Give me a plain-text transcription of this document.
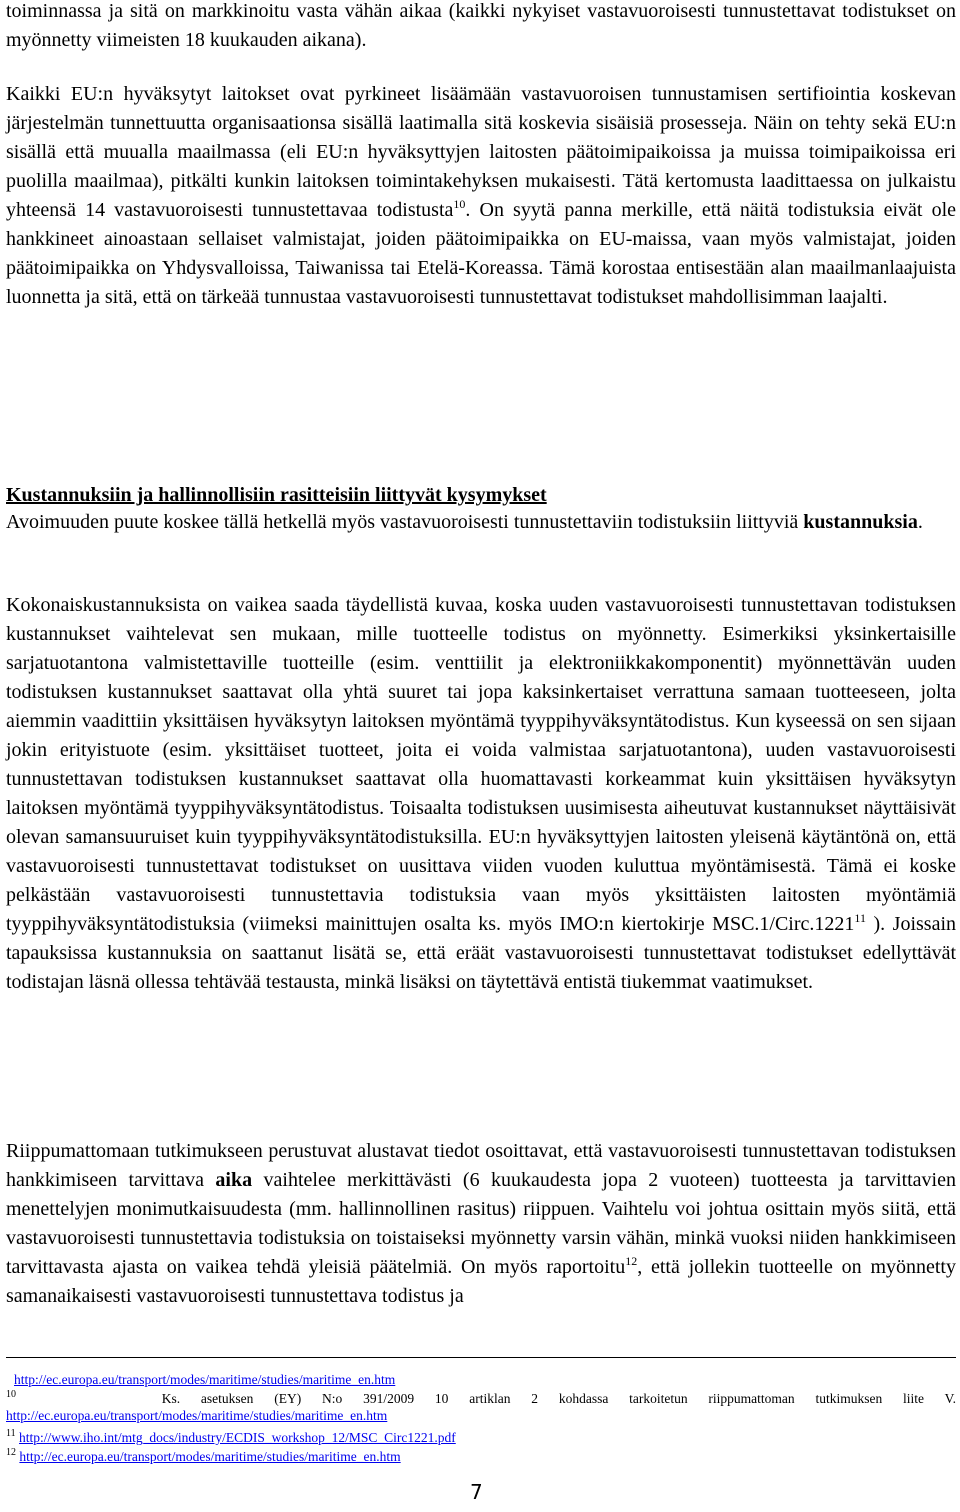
toiminnassa ja sitä on markkinoitu vasta vähän aikaa (kaikki nykyiset vastavuoroisesti tunnustettavat todistukset on myönnetty viimeisten 18 kuukauden aikana).

Kaikki EU:n hyväksytyt laitokset ovat pyrkineet lisäämään vastavuoroisen tunnustamisen sertifiointia koskevan järjestelmän tunnettuutta organisaationsa sisällä laatimalla sitä koskevia sisäisiä prosesseja. Näin on tehty sekä EU:n sisällä että muualla maailmassa (eli EU:n hyväksyttyjen laitosten päätoimipaikoissa ja muissa toimipaikoissa eri puolilla maailmaa), pitkälti kunkin laitoksen toimintakehyksen mukaisesti. Tätä kertomusta laadittaessa on julkaistu yhteensä 14 vastavuoroisesti tunnustettavaa todistusta$^{10}$. On syytä panna merkille, että näitä todistuksia eivät ole hankkineet ainoastaan sellaiset valmistajat, joiden päätoimipaikka on EU-maissa, vaan myös valmistajat, joiden päätoimipaikka on Yhdysvalloissa, Taiwanissa tai Etelä-Koreassa. Tämä korostaa entisestään alan maailmanlaajuista luonnetta ja sitä, että on tärkeää tunnustaa vastavuoroisesti tunnustettavat todistukset mahdollisimman laajalti.

Kustannuksiin ja hallinnollisiin rasitteisiin liittyvät kysymykset

Avoimuuden puute koskee tällä hetkellä myös vastavuoroisesti tunnustettaviin todistuksiin liittyviä kustannuksia.

Kokonaiskustannuksista on vaikea saada täydellistä kuvaa, koska uuden vastavuoroisesti tunnustettavan todistuksen kustannukset vaihtelevat sen mukaan, mille tuotteelle todistus on myönnetty. Esimerkiksi yksinkertaisille sarjatuotantona valmistettaville tuotteille (esim. venttiilit ja elektroniikkakomponentit) myönnettävän uuden todistuksen kustannukset saattavat olla yhtä suuret tai jopa kaksinkertaiset verrattuna samaan tuotteeseen, jolta aiemmin vaadittiin yksittäisen hyväksytyn laitoksen myöntämä tyyppihyväksyntätodistus. Kun kyseessä on sen sijaan jokin erityistuote (esim. yksittäiset tuotteet, joita ei voida valmistaa sarjatuotantona), uuden vastavuoroisesti tunnustettavan todistuksen kustannukset saattavat olla huomattavasti korkeammat kuin yksittäisen hyväksytyn laitoksen myöntämä tyyppihyväksyntätodistus. Toisaalta todistuksen uusimisesta aiheutuvat kustannukset näyttäisivät olevan samansuuruiset kuin tyyppihyväksyntätodistuksilla. EU:n hyväksyttyjen laitosten yleisenä käytäntönä on, että vastavuoroisesti tunnustettavat todistukset on uusittava viiden vuoden kuluttua myöntämisestä. Tämä ei koske pelkästään vastavuoroisesti tunnustettavia todistuksia vaan myös yksittäisten laitosten myöntämiä tyyppihyväksyntätodistuksia (viimeksi mainittujen osalta ks. myös IMO:n kiertokirje MSC.1/Circ.1221$^{11}$ ). Joissain tapauksissa kustannuksia on saattanut lisätä se, että eräät vastavuoroisesti tunnustettavat todistukset edellyttävät todistajan läsnä ollessa tehtävää testausta, minkä lisäksi on täytettävä entistä tiukemmat vaatimukset.

Riippumattomaan tutkimukseen perustuvat alustavat tiedot osoittavat, että vastavuoroisesti tunnustettavan todistuksen hankkimiseen tarvittava aika vaihtelee merkittävästi (6 kuukaudesta jopa 2 vuoteen) tuotteesta ja tarvittavien menettelyjen monimutkaisuudesta (mm. hallinnollinen rasitus) riippuen. Vaihtelu voi johtua osittain myös siitä, että vastavuoroisesti tunnustettavia todistuksia on toistaiseksi myönnetty varsin vähän, minkä vuoksi niiden hankkimiseen tarvittavasta ajasta on vaikea tehdä yleisiä päätelmiä. On myös raportoitu$^{12}$, että jollekin tuotteelle on myönnetty samanaikaisesti vastavuoroisesti tunnustettava todistus ja

http://ec.europa.eu/transport/modes/maritime/studies/maritime_en.htm

$^{10}$	Ks. asetuksen (EY) N:o 391/2009 10 artiklan 2 kohdassa tarkoitetun riippumattoman tutkimuksen liite V. http://ec.europa.eu/transport/modes/maritime/studies/maritime_en.htm

$^{11}$ http://www.iho.int/mtg_docs/industry/ECDIS_workshop_12/MSC_Circ1221.pdf

$^{12}$ http://ec.europa.eu/transport/modes/maritime/studies/maritime_en.htm

7
